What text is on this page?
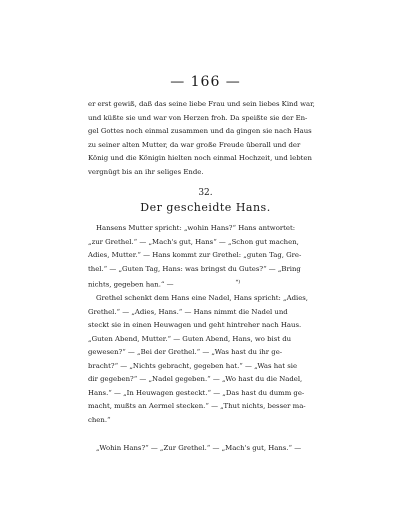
— 166 —
er erst gewiß, daß das seine liebe Frau und sein liebes Kind war,
und küßte sie und war von Herzen froh. Da speißte sie der En-
gel Gottes noch einmal zusammen und da gingen sie nach Haus
zu seiner alten Mutter, da war große Freude überall und der
König und die Königin hielten noch einmal Hochzeit, und lebten
vergnügt bis an ihr seliges Ende.
32.
Der gescheidte Hans.
Hansens Mutter spricht: „wohin Hans?“ Hans antwortet:
„zur Grethel.“ — „Mach's gut, Hans“ — „Schon gut machen,
Adies, Mutter.“ — Hans kommt zur Grethel: „guten Tag, Gre-
thel.“ — „Guten Tag, Hans: was bringst du Gutes?“ — „Bring
nichts, gegeben han.“ —	*)
Grethel schenkt dem Hans eine Nadel, Hans spricht: „Adies,
Grethel.“ — „Adies, Hans.“ — Hans nimmt die Nadel und
steckt sie in einen Heuwagen und geht hintreher nach Haus.
„Guten Abend, Mutter.“ — Guten Abend, Hans, wo bist du
gewesen?“ — „Bei der Grethel.“ — „Was hast du ihr ge-
bracht?“ — „Nichts gebracht, gegeben hat.“ — „Was hat sie
dir gegeben?“ — „Nadel gegeben.“ — „Wo hast du die Nadel,
Hans.“ — „In Heuwagen gesteckt.“ — „Das hast du dumm ge-
macht, mußts an Aermel stecken.“ — „Thut nichts, besser ma-
chen.“
„Wohin Hans?“ — „Zur Grethel.“ — „Mach's gut, Hans.“ —
